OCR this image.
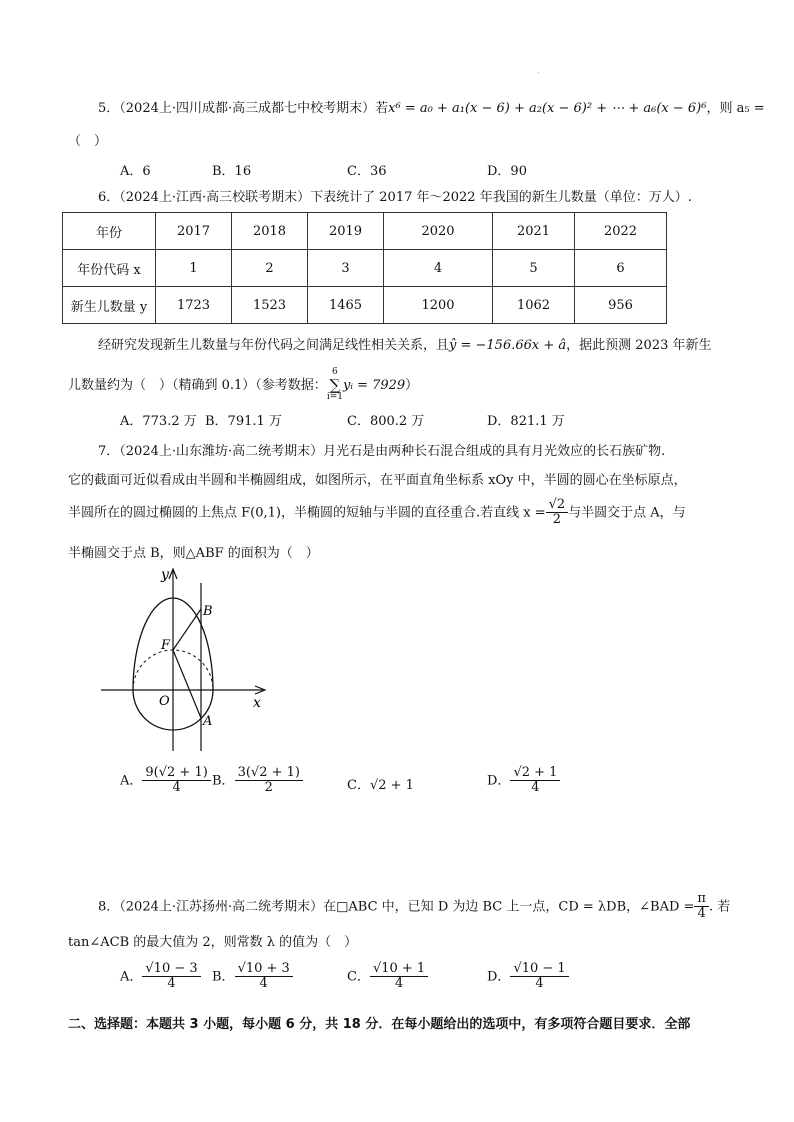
.
5．（2024上·四川成都·高三成都七中校考期末）若x⁶ = a₀ + a₁(x − 6) + a₂(x − 6)² + ⋯ + a₆(x − 6)⁶，则 a₅ =
（　）
A．6	B．16	C．36	D．90
6．（2024上·江西·高三校联考期末）下表统计了 2017 年～2022 年我国的新生儿数量（单位：万人）.
年份	2017	2018	2019	2020	2021	2022
年份代码 x	1	2	3	4	5	6
新生儿数量 y	1723	1523	1465	1200	1062	956
经研究发现新生儿数量与年份代码之间满足线性相关关系，且ŷ = −156.66x + â，据此预测 2023 年新生
儿数量约为（　）（精确到 0.1）（参考数据：
6
∑
i=1
yᵢ = 7929）
A．773.2 万 B．791.1 万	C．800.2 万	D．821.1 万
7．（2024上·山东潍坊·高二统考期末）月光石是由两种长石混合组成的具有月光效应的长石族矿物.
它的截面可近似看成由半圆和半椭圆组成，如图所示，在平面直角坐标系 xOy 中，半圆的圆心在坐标原点，
半圆所在的圆过椭圆的上焦点 F(0,1)，半椭圆的短轴与半圆的直径重合.若直线 $x = \frac{√2}{2}$ 与半圆交于点 A，与
半椭圆交于点 B，则△ABF 的面积为（　）
y
x
O
F
B
A
A． $\frac{9(√2 + 1)}{4}$ B． $\frac{3(√2 + 1)}{2}$	C．√2 + 1	D． $\frac{√2 + 1}{4}$
8．（2024上·江苏扬州·高二统考期末）在□ABC 中，已知 D 为边 BC 上一点，CD = λDB，∠BAD = $\frac{\pi}{4}$ . 若
tan∠ACB 的最大值为 2，则常数 λ 的值为（　）
A． $\frac{√10 - 3}{4}$ B． $\frac{√10 + 3}{4}$	C． $\frac{√10 + 1}{4}$	D． $\frac{√10 - 1}{4}$
二、选择题：本题共 3 小题，每小题 6 分，共 18 分．在每小题给出的选项中，有多项符合题目要求．全部
